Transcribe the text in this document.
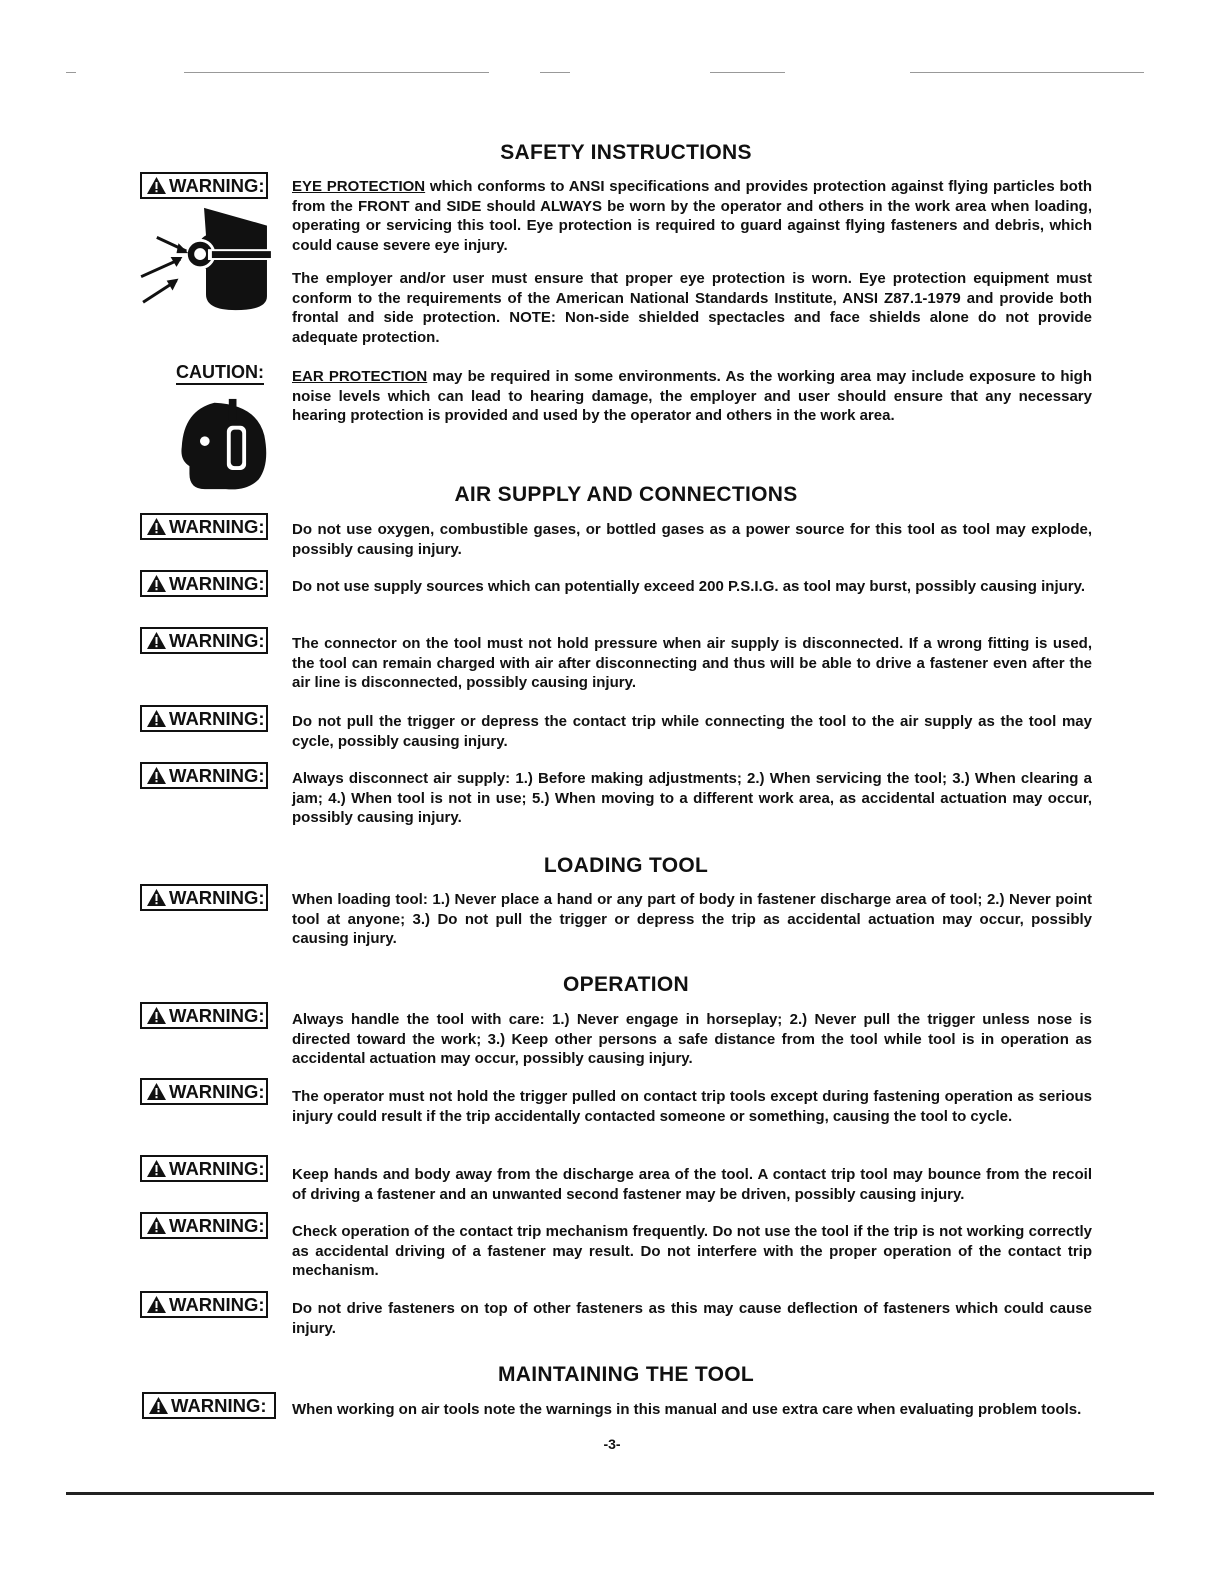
SAFETY INSTRUCTIONS
WARNING: EYE PROTECTION which conforms to ANSI specifications and provides protection against flying particles both from the FRONT and SIDE should ALWAYS be worn by the operator and others in the work area when loading, operating or servicing this tool. Eye protection is required to guard against flying fasteners and debris, which could cause severe eye injury.
The employer and/or user must ensure that proper eye protection is worn. Eye protection equipment must conform to the requirements of the American National Standards Institute, ANSI Z87.1-1979 and provide both frontal and side protection. NOTE: Non-side shielded spectacles and face shields alone do not provide adequate protection.
CAUTION: EAR PROTECTION may be required in some environments. As the working area may include exposure to high noise levels which can lead to hearing damage, the employer and user should ensure that any necessary hearing protection is provided and used by the operator and others in the work area.
AIR SUPPLY AND CONNECTIONS
WARNING: Do not use oxygen, combustible gases, or bottled gases as a power source for this tool as tool may explode, possibly causing injury.
WARNING: Do not use supply sources which can potentially exceed 200 P.S.I.G. as tool may burst, possibly causing injury.
WARNING: The connector on the tool must not hold pressure when air supply is disconnected. If a wrong fitting is used, the tool can remain charged with air after disconnecting and thus will be able to drive a fastener even after the air line is disconnected, possibly causing injury.
WARNING: Do not pull the trigger or depress the contact trip while connecting the tool to the air supply as the tool may cycle, possibly causing injury.
WARNING: Always disconnect air supply: 1.) Before making adjustments; 2.) When servicing the tool; 3.) When clearing a jam; 4.) When tool is not in use; 5.) When moving to a different work area, as accidental actuation may occur, possibly causing injury.
LOADING TOOL
WARNING: When loading tool: 1.) Never place a hand or any part of body in fastener discharge area of tool; 2.) Never point tool at anyone; 3.) Do not pull the trigger or depress the trip as accidental actuation may occur, possibly causing injury.
OPERATION
WARNING: Always handle the tool with care: 1.) Never engage in horseplay; 2.) Never pull the trigger unless nose is directed toward the work; 3.) Keep other persons a safe distance from the tool while tool is in operation as accidental actuation may occur, possibly causing injury.
WARNING: The operator must not hold the trigger pulled on contact trip tools except during fastening operation as serious injury could result if the trip accidentally contacted someone or something, causing the tool to cycle.
WARNING: Keep hands and body away from the discharge area of the tool. A contact trip tool may bounce from the recoil of driving a fastener and an unwanted second fastener may be driven, possibly causing injury.
WARNING: Check operation of the contact trip mechanism frequently. Do not use the tool if the trip is not working correctly as accidental driving of a fastener may result. Do not interfere with the proper operation of the contact trip mechanism.
WARNING: Do not drive fasteners on top of other fasteners as this may cause deflection of fasteners which could cause injury.
MAINTAINING THE TOOL
WARNING: When working on air tools note the warnings in this manual and use extra care when evaluating problem tools.
-3-
